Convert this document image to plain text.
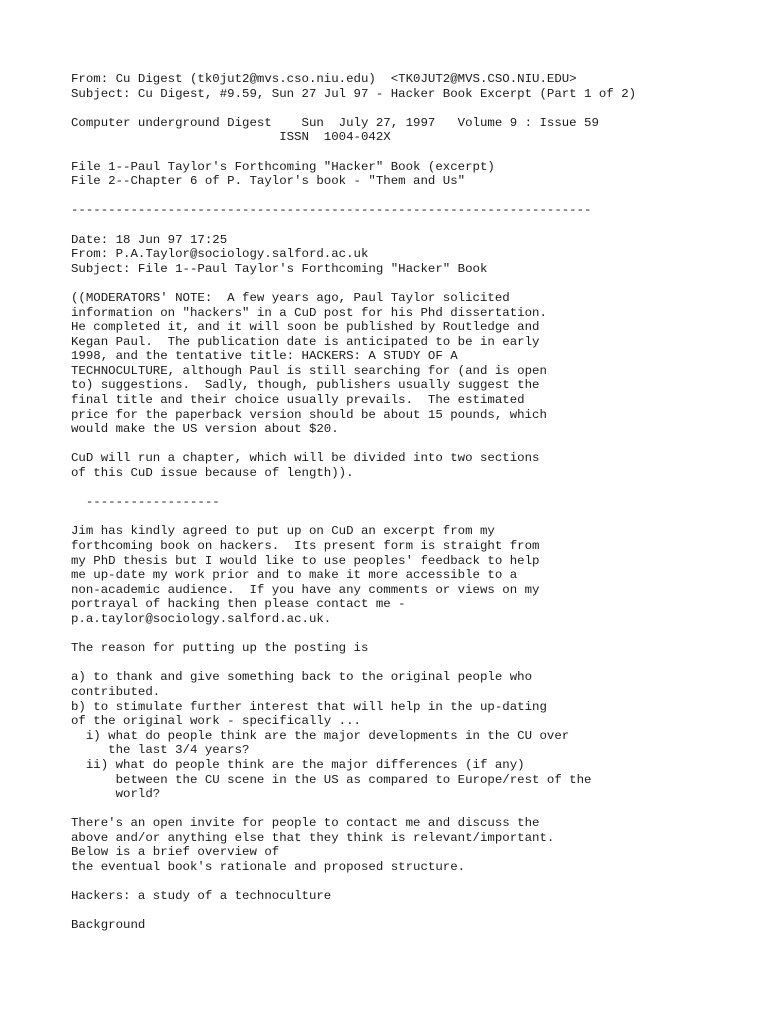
From: Cu Digest (tk0jut2@mvs.cso.niu.edu)  <TK0JUT2@MVS.CSO.NIU.EDU>
Subject: Cu Digest, #9.59, Sun 27 Jul 97 - Hacker Book Excerpt (Part 1 of 2)
Computer underground Digest    Sun  July 27, 1997   Volume 9 : Issue 59
ISSN  1004-042X
File 1--Paul Taylor's Forthcoming "Hacker" Book (excerpt)
File 2--Chapter 6 of P. Taylor's book - "Them and Us"
----------------------------------------------------------------------
Date: 18 Jun 97 17:25
From: P.A.Taylor@sociology.salford.ac.uk
Subject: File 1--Paul Taylor's Forthcoming "Hacker" Book
((MODERATORS' NOTE:  A few years ago, Paul Taylor solicited
information on "hackers" in a CuD post for his Phd dissertation.
He completed it, and it will soon be published by Routledge and
Kegan Paul.  The publication date is anticipated to be in early
1998, and the tentative title: HACKERS: A STUDY OF A
TECHNOCULTURE, although Paul is still searching for (and is open
to) suggestions.  Sadly, though, publishers usually suggest the
final title and their choice usually prevails.  The estimated
price for the paperback version should be about 15 pounds, which
would make the US version about $20.
CuD will run a chapter, which will be divided into two sections
of this CuD issue because of length)).
------------------
Jim has kindly agreed to put up on CuD an excerpt from my
forthcoming book on hackers.  Its present form is straight from
my PhD thesis but I would like to use peoples' feedback to help
me up-date my work prior and to make it more accessible to a
non-academic audience.  If you have any comments or views on my
portrayal of hacking then please contact me -
p.a.taylor@sociology.salford.ac.uk.
The reason for putting up the posting is
a) to thank and give something back to the original people who
contributed.
b) to stimulate further interest that will help in the up-dating
of the original work - specifically ...
i) what do people think are the major developments in the CU over
the last 3/4 years?
ii) what do people think are the major differences (if any)
between the CU scene in the US as compared to Europe/rest of the
world?
There's an open invite for people to contact me and discuss the
above and/or anything else that they think is relevant/important.
Below is a brief overview of
the eventual book's rationale and proposed structure.
Hackers: a study of a technoculture
Background
